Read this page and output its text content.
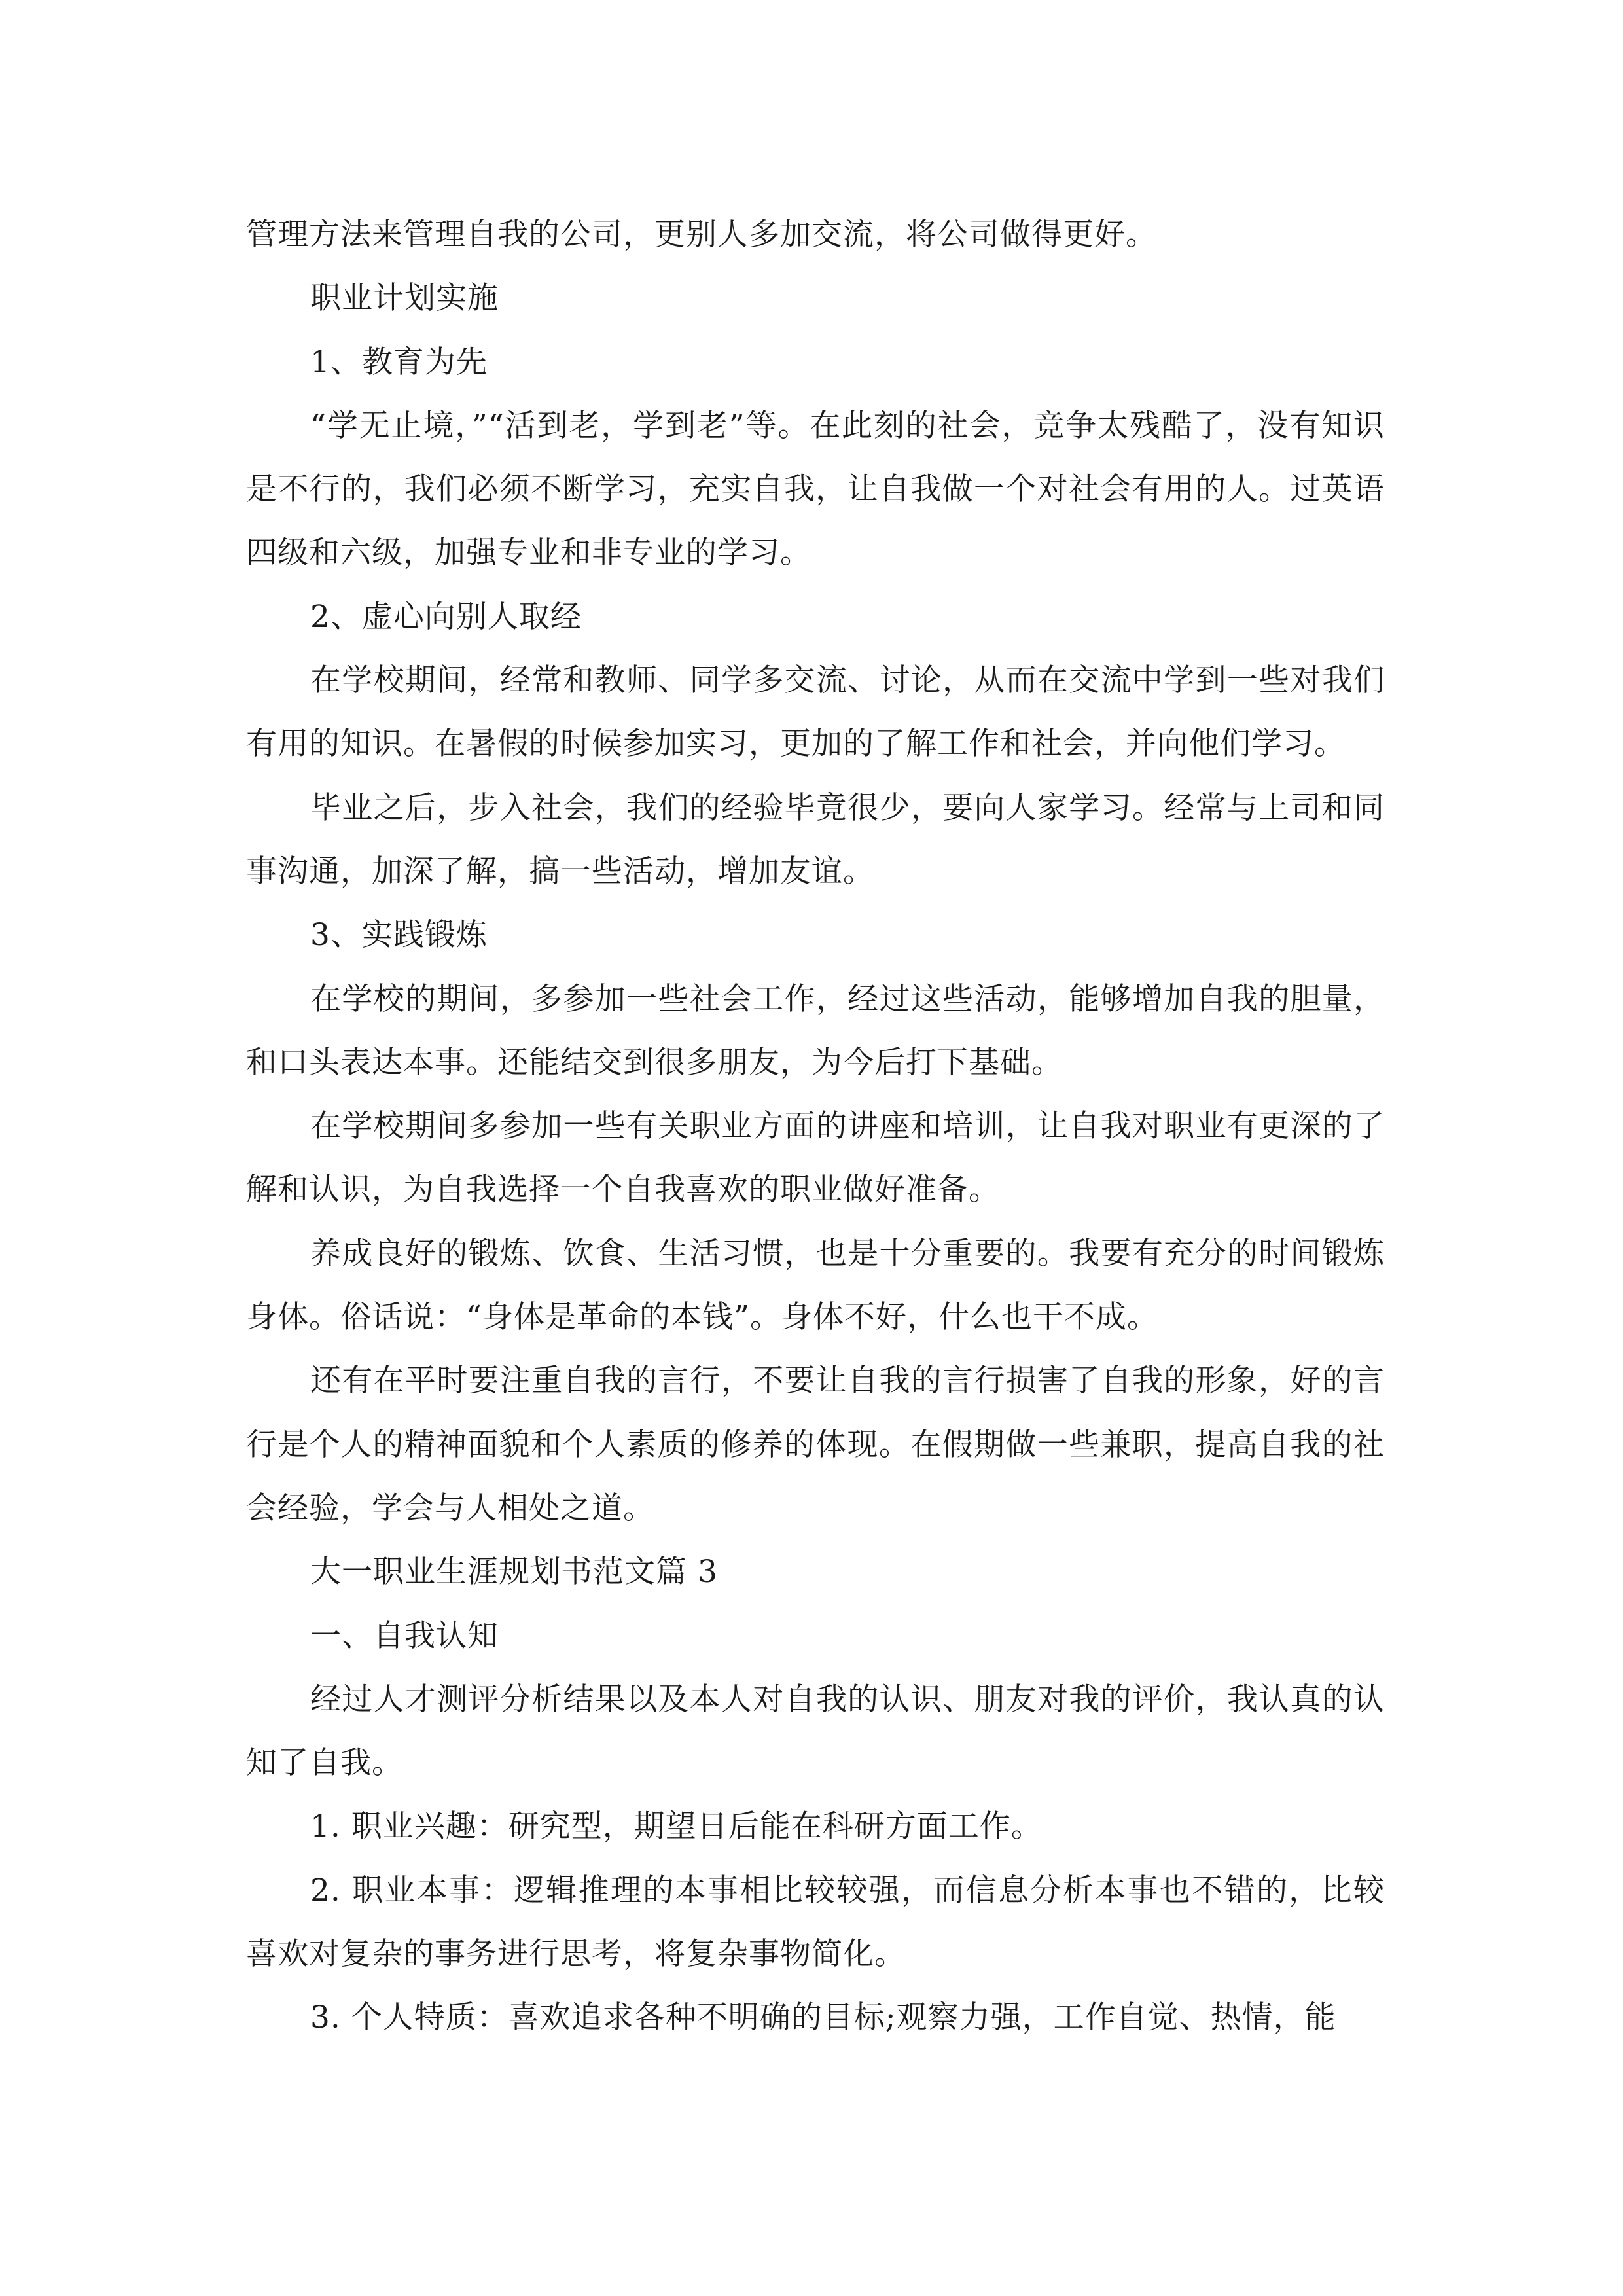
管理方法来管理自我的公司，更别人多加交流，将公司做得更好。

职业计划实施

1、教育为先

“学无止境，”“活到老，学到老”等。在此刻的社会，竞争太残酷了，没有知识是不行的，我们必须不断学习，充实自我，让自我做一个对社会有用的人。过英语四级和六级，加强专业和非专业的学习。

2、虚心向别人取经

在学校期间，经常和教师、同学多交流、讨论，从而在交流中学到一些对我们有用的知识。在暑假的时候参加实习，更加的了解工作和社会，并向他们学习。

毕业之后，步入社会，我们的经验毕竟很少，要向人家学习。经常与上司和同事沟通，加深了解，搞一些活动，增加友谊。

3、实践锻炼

在学校的期间，多参加一些社会工作，经过这些活动，能够增加自我的胆量，和口头表达本事。还能结交到很多朋友，为今后打下基础。

在学校期间多参加一些有关职业方面的讲座和培训，让自我对职业有更深的了解和认识，为自我选择一个自我喜欢的职业做好准备。

养成良好的锻炼、饮食、生活习惯，也是十分重要的。我要有充分的时间锻炼身体。俗话说：“身体是革命的本钱”。身体不好，什么也干不成。

还有在平时要注重自我的言行，不要让自我的言行损害了自我的形象，好的言行是个人的精神面貌和个人素质的修养的体现。在假期做一些兼职，提高自我的社会经验，学会与人相处之道。

大一职业生涯规划书范文篇 3

一、自我认知

经过人才测评分析结果以及本人对自我的认识、朋友对我的评价，我认真的认知了自我。

1. 职业兴趣：研究型，期望日后能在科研方面工作。

2. 职业本事：逻辑推理的本事相比较较强，而信息分析本事也不错的，比较喜欢对复杂的事务进行思考，将复杂事物简化。

3. 个人特质：喜欢追求各种不明确的目标;观察力强，工作自觉、热情，能
